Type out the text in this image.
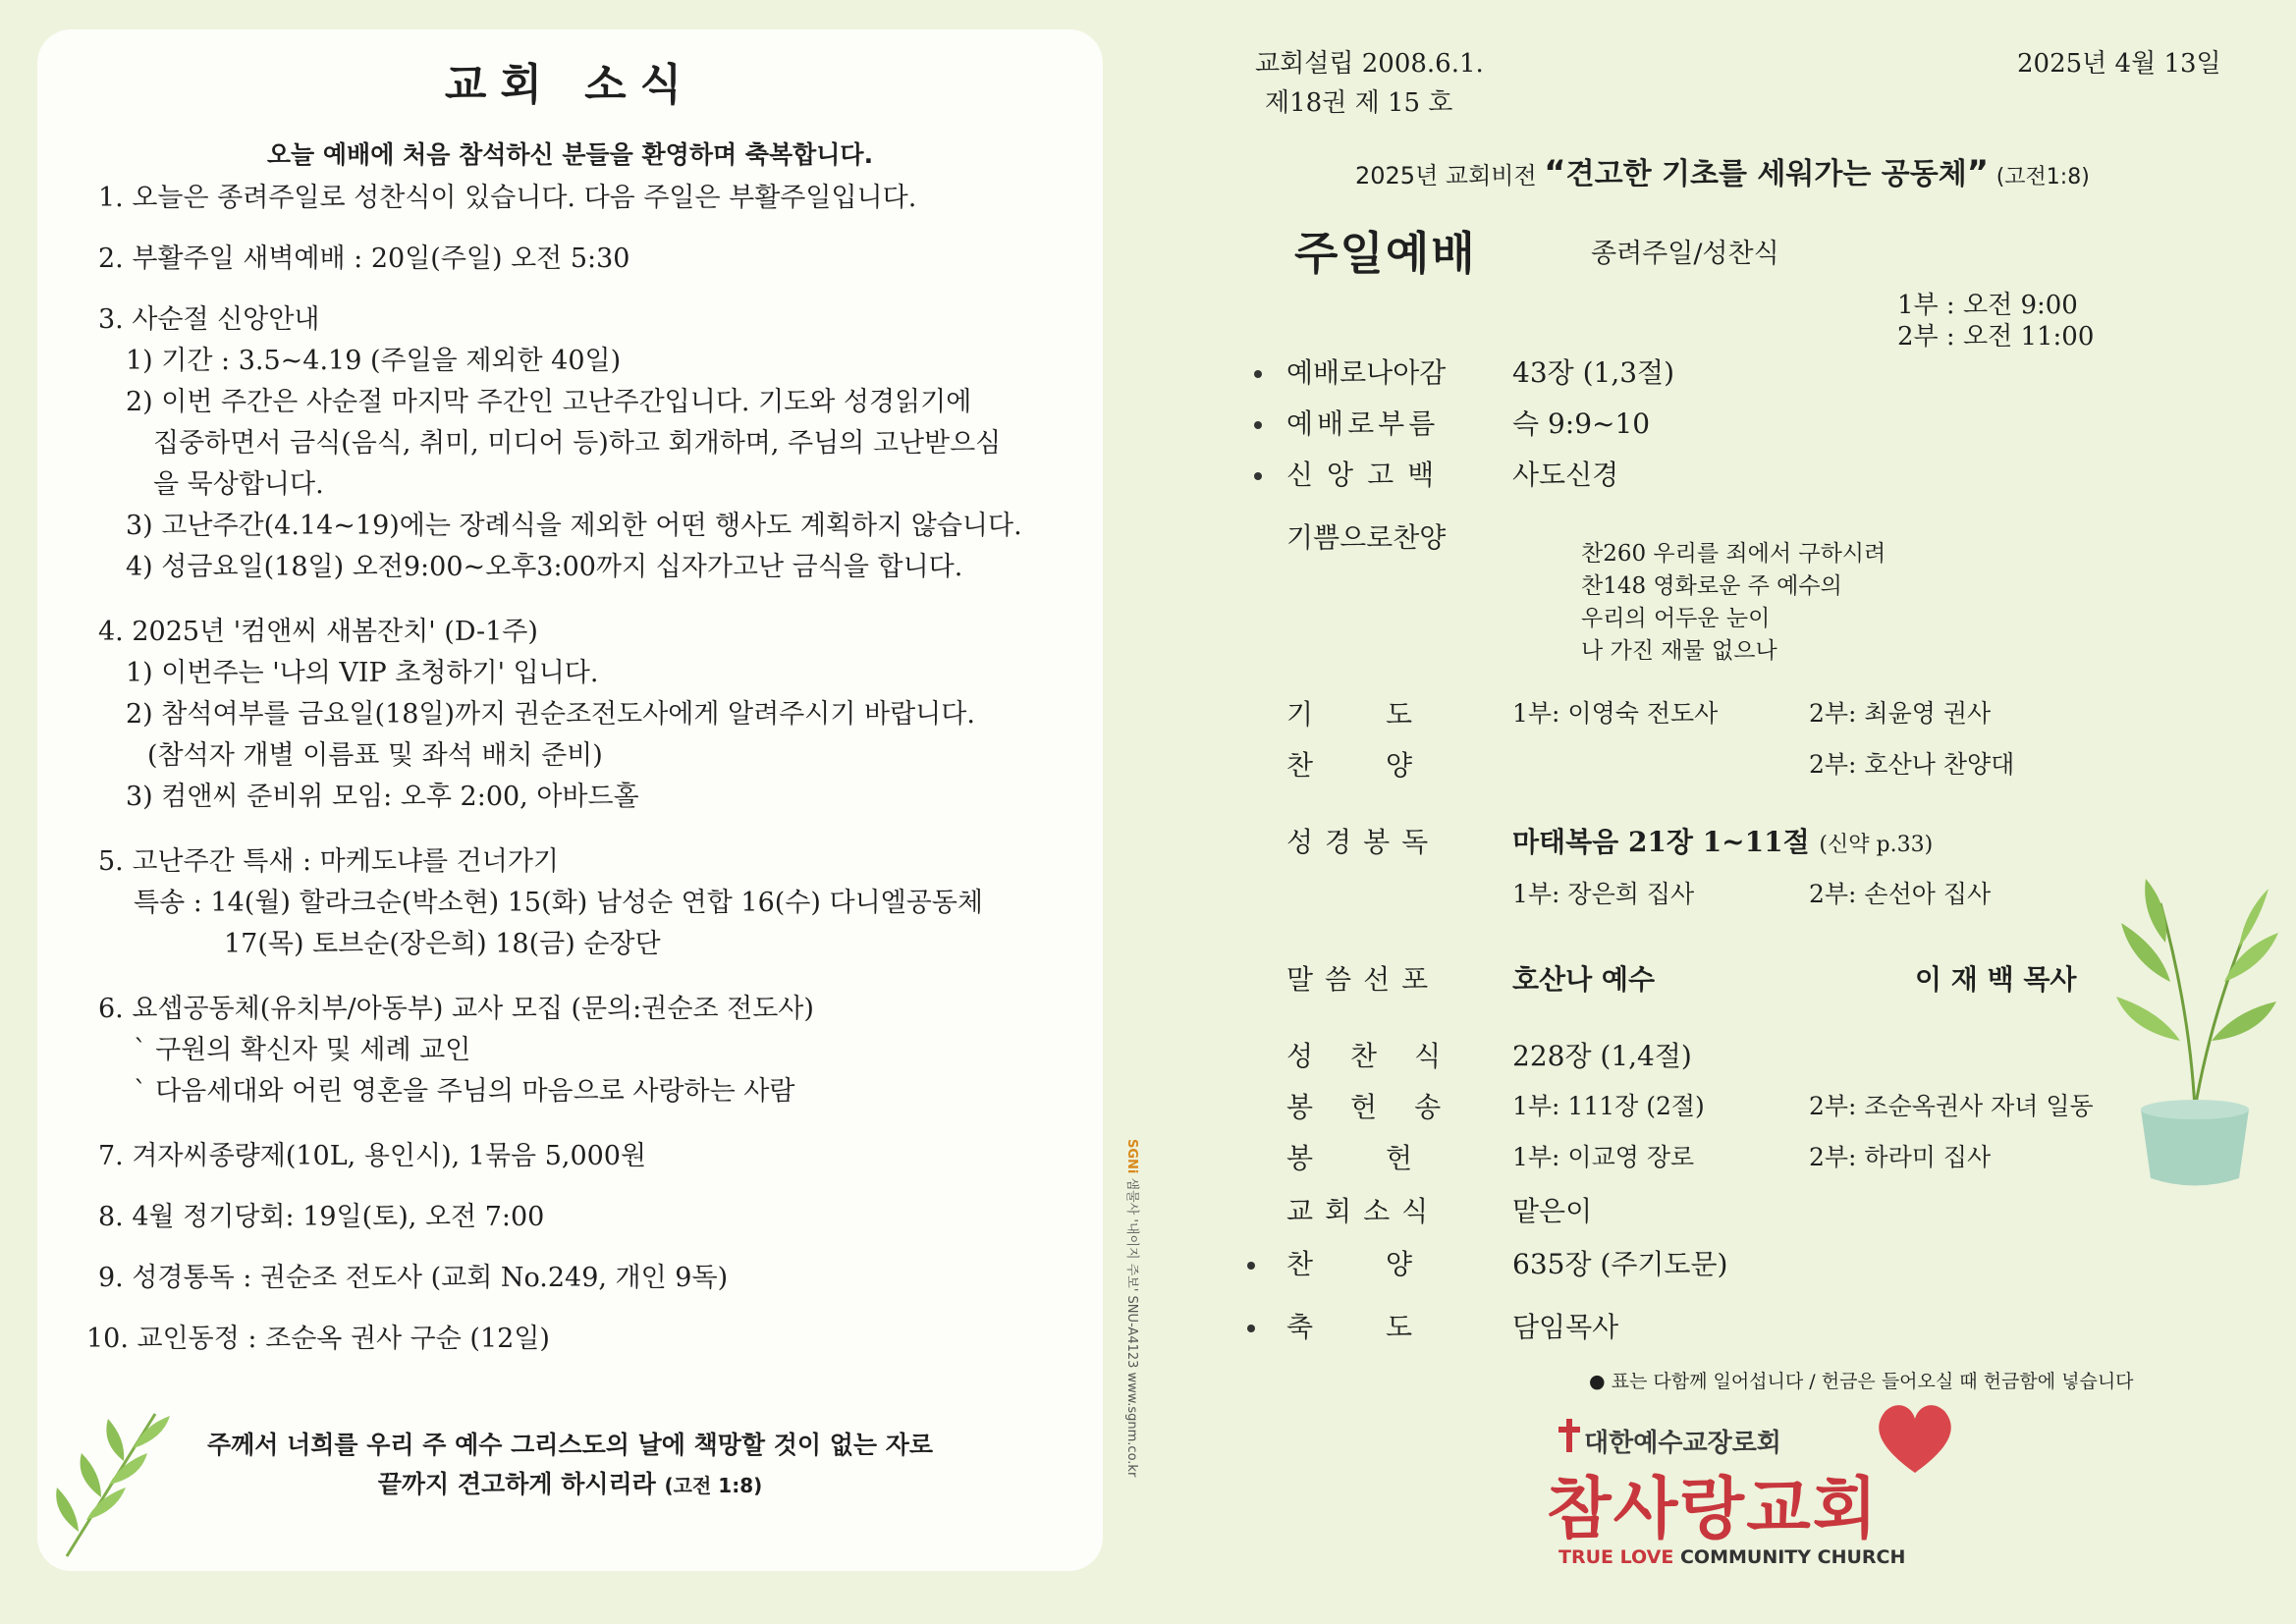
교회 소식
오늘 예배에 처음 참석하신 분들을 환영하며 축복합니다.
1. 오늘은 종려주일로 성찬식이 있습니다. 다음 주일은 부활주일입니다.
2. 부활주일 새벽예배 : 20일(주일) 오전 5:30
3. 사순절 신앙안내
1) 기간 : 3.5~4.19 (주일을 제외한 40일)
2) 이번 주간은 사순절 마지막 주간인 고난주간입니다. 기도와 성경읽기에
집중하면서 금식(음식, 취미, 미디어 등)하고 회개하며, 주님의 고난받으심
을 묵상합니다.
3) 고난주간(4.14~19)에는 장례식을 제외한 어떤 행사도 계획하지 않습니다.
4) 성금요일(18일) 오전9:00~오후3:00까지 십자가고난 금식을 합니다.
4. 2025년 '컴앤씨 새봄잔치' (D-1주)
1) 이번주는 '나의 VIP 초청하기' 입니다.
2) 참석여부를 금요일(18일)까지 권순조전도사에게 알려주시기 바랍니다.
(참석자 개별 이름표 및 좌석 배치 준비)
3) 컴앤씨 준비위 모임: 오후 2:00, 아바드홀
5. 고난주간 특새 : 마케도냐를 건너가기
특송 : 14(월) 할라크순(박소현) 15(화) 남성순 연합 16(수) 다니엘공동체
17(목) 토브순(장은희) 18(금) 순장단
6. 요셉공동체(유치부/아동부) 교사 모집 (문의:권순조 전도사)
` 구원의 확신자 및 세례 교인
` 다음세대와 어린 영혼을 주님의 마음으로 사랑하는 사람
7. 겨자씨종량제(10L, 용인시), 1묶음 5,000원
8. 4월 정기당회: 19일(토), 오전 7:00
9. 성경통독 : 권순조 전도사 (교회 No.249, 개인 9독)
10. 교인동정 : 조순옥 권사 구순 (12일)
주께서 너희를 우리 주 예수 그리스도의 날에 책망할 것이 없는 자로
끝까지 견고하게 하시리라 (고전 1:8)
SGNi 샘물사 '내이지 주보' SNU-A4123 www.sgnm.co.kr
교회설립 2008.6.1.
제18권 제 15 호
2025년 4월 13일
2025년 교회비전 “견고한 기초를 세워가는 공동체” (고전1:8)
주일예배	종려주일/성찬식
1부 : 오전 9:00
2부 : 오전 11:00
예배로나아감 43장 (1,3절)
예배로부름	슥 9:9~10
신앙고백 사도신경
기쁨으로찬양	찬260 우리를 죄에서 구하시려
찬148 영화로운 주 예수의
우리의 어두운 눈이
나 가진 재물 없으나
기도 1부: 이영숙 전도사	2부: 최윤영 권사
찬양	2부: 호산나 찬양대
성경봉독	마태복음 21장 1~11절 (신약 p.33)
1부: 장은희 집사	2부: 손선아 집사
말씀선포	호산나 예수	이 재 백 목사
성찬식 228장 (1,4절)
봉헌송 1부: 111장 (2절)	2부: 조순옥권사 자녀 일동
봉헌 1부: 이교영 장로	2부: 하라미 집사
교회소식	맡은이
찬양 635장 (주기도문)
축도 담임목사
● 표는 다함께 일어섭니다 / 헌금은 들어오실 때 헌금함에 넣습니다
대한예수교장로회
참사랑교회
TRUE LOVE COMMUNITY CHURCH
